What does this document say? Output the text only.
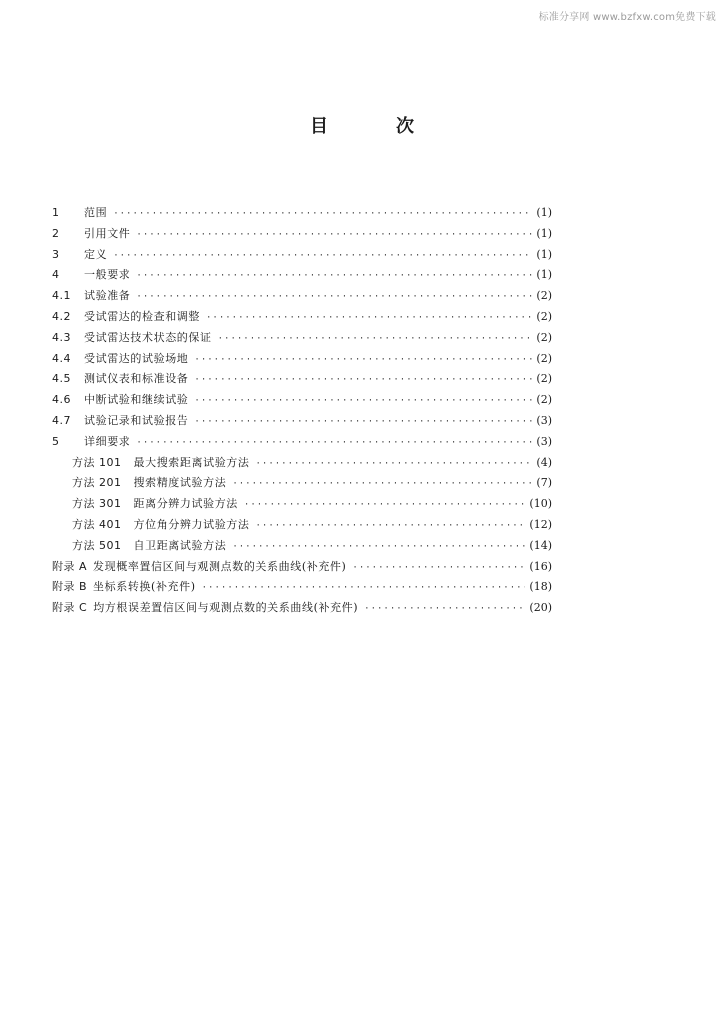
标准分享网 www.bzfxw.com免费下载
目	次
1	范围 ·····	(1)
2	引用文件 ·····	(1)
3	定义 ·····	(1)
4	一般要求 ·····	(1)
4.1	试验准备 ·····	(2)
4.2	受试雷达的检查和调整 ·····	(2)
4.3	受试雷达技术状态的保证 ·····	(2)
4.4	受试雷达的试验场地 ·····	(2)
4.5	测试仪表和标准设备 ·····	(2)
4.6	中断试验和继续试验 ·····	(2)
4.7	试验记录和试验报告 ·····	(3)
5	详细要求 ·····	(3)
方法 101 最大搜索距离试验方法 ·····	(4)
方法 201 搜索精度试验方法 ·····	(7)
方法 301 距离分辨力试验方法 ·····	(10)
方法 401 方位角分辨力试验方法 ·····	(12)
方法 501 自卫距离试验方法 ·····	(14)
附录 A 发现概率置信区间与观测点数的关系曲线(补充件) ·····	(16)
附录 B 坐标系转换(补充件) ·····	(18)
附录 C 均方根误差置信区间与观测点数的关系曲线(补充件) ·····	(20)
